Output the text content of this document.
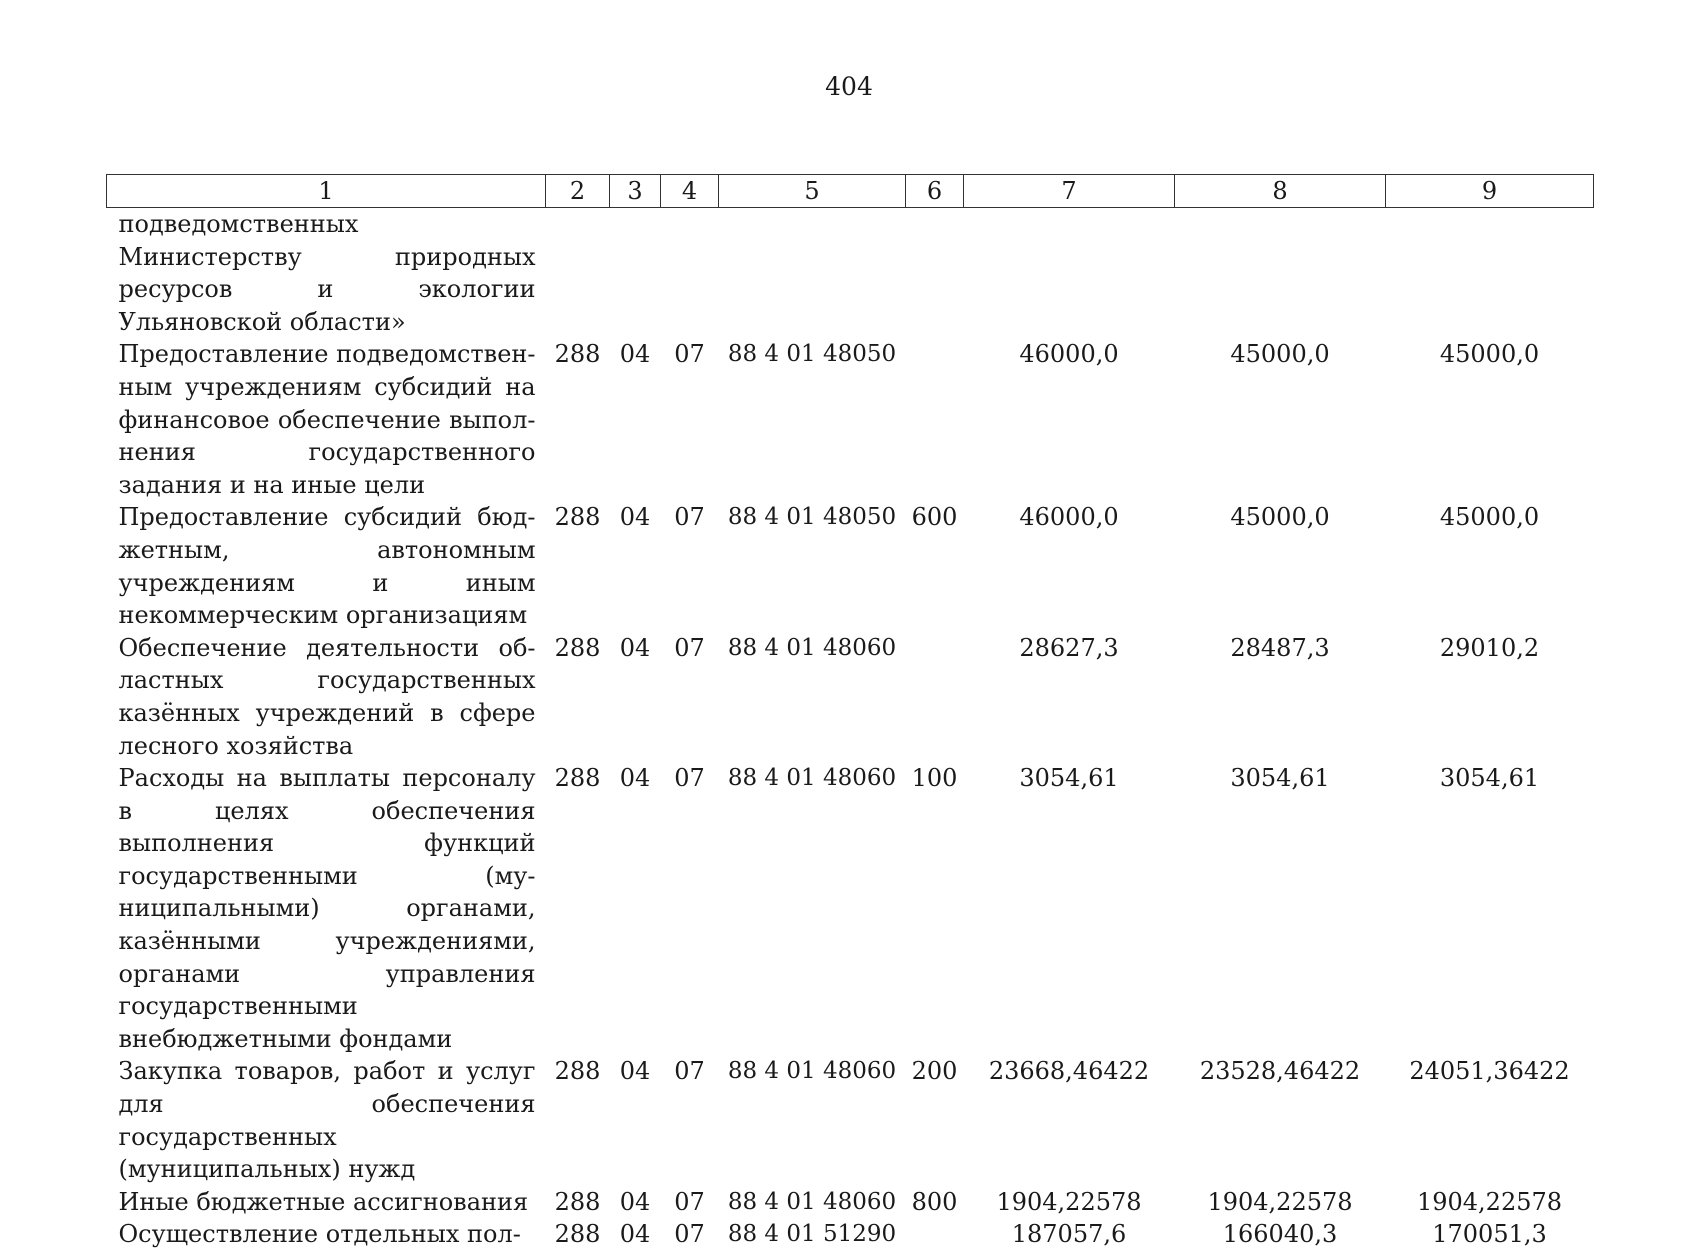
404
1	2	3	4	5	6	7	8	9
подведомственных Министерству природных ресурсов и экологии Ульяновской области»								
Предоставление подведомственным учреждениям субсидий на финансовое обеспечение выполнения государственного задания и на иные цели	288	04	07	88 4 01 48050		46000,0	45000,0	45000,0
Предоставление субсидий бюджетным, автономным учреждениям и иным некоммерческим организациям	288	04	07	88 4 01 48050	600	46000,0	45000,0	45000,0
Обеспечение деятельности областных государственных казённых учреждений в сфере лесного хозяйства	288	04	07	88 4 01 48060		28627,3	28487,3	29010,2
Расходы на выплаты персоналу в целях обеспечения выполнения функций государственными (муниципальными) органами, казёнными учреждениями, органами управления государственными внебюджетными фондами	288	04	07	88 4 01 48060	100	3054,61	3054,61	3054,61
Закупка товаров, работ и услуг для обеспечения государственных (муниципальных) нужд	288	04	07	88 4 01 48060	200	23668,46422	23528,46422	24051,36422
Иные бюджетные ассигнования	288	04	07	88 4 01 48060	800	1904,22578	1904,22578	1904,22578
Осуществление отдельных пол-	288	04	07	88 4 01 51290		187057,6	166040,3	170051,3
